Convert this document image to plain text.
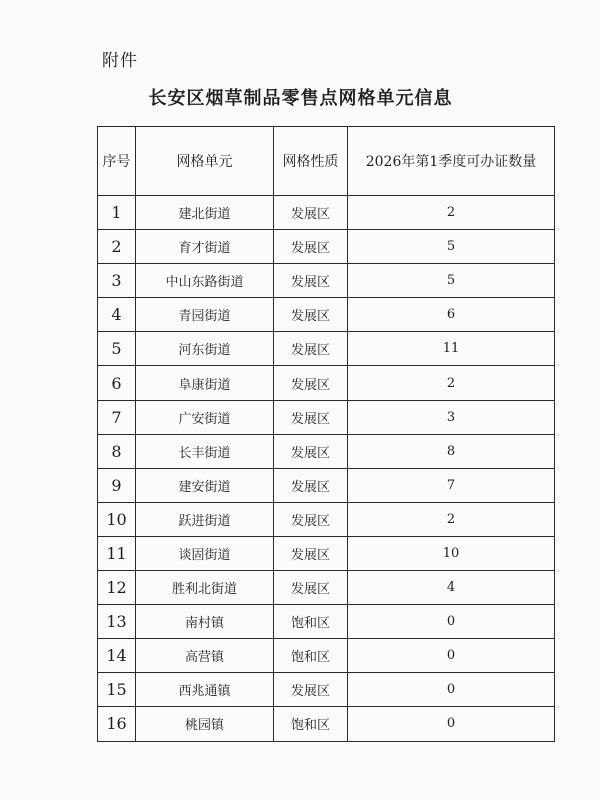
附件
长安区烟草制品零售点网格单元信息
序号	网格单元	网格性质	2026年第1季度可办证数量
1	建北街道	发展区	2
2	育才街道	发展区	5
3	中山东路街道	发展区	5
4	青园街道	发展区	6
5	河东街道	发展区	11
6	阜康街道	发展区	2
7	广安街道	发展区	3
8	长丰街道	发展区	8
9	建安街道	发展区	7
10	跃进街道	发展区	2
11	谈固街道	发展区	10
12	胜利北街道	发展区	4
13	南村镇	饱和区	0
14	高营镇	饱和区	0
15	西兆通镇	发展区	0
16	桃园镇	饱和区	0
